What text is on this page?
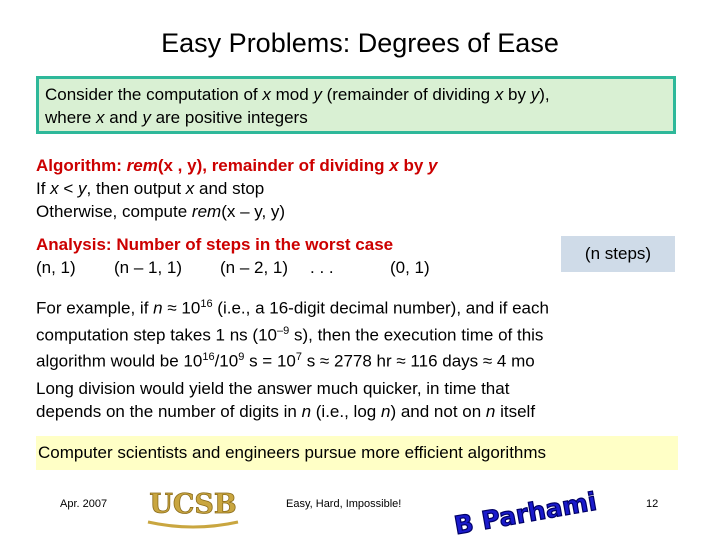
Easy Problems: Degrees of Ease
Consider the computation of x mod y (remainder of dividing x by y),
where x and y are positive integers
Algorithm: rem(x , y), remainder of dividing x by y
If x < y, then output x and stop
Otherwise, compute rem(x – y, y)
Analysis: Number of steps in the worst case
(n, 1) (n – 1, 1) (n – 2, 1) . . .	(0, 1)
(n steps)
For example, if $n \approx 10^{16}$ (i.e., a 16-digit decimal number), and if each
computation step takes 1 ns ($10^{-9}$ s), then the execution time of this
algorithm would be $10^{16}/10^9$ $s = 10^7$ s ≈ 2778 hr ≈ 116 days ≈ 4 mo
Long division would yield the answer much quicker, in time that
depends on the number of digits in n (i.e., log n) and not on n itself
Computer scientists and engineers pursue more efficient algorithms
Apr. 2007 UCSB	Easy, Hard, Impossible! B Parhami	12
